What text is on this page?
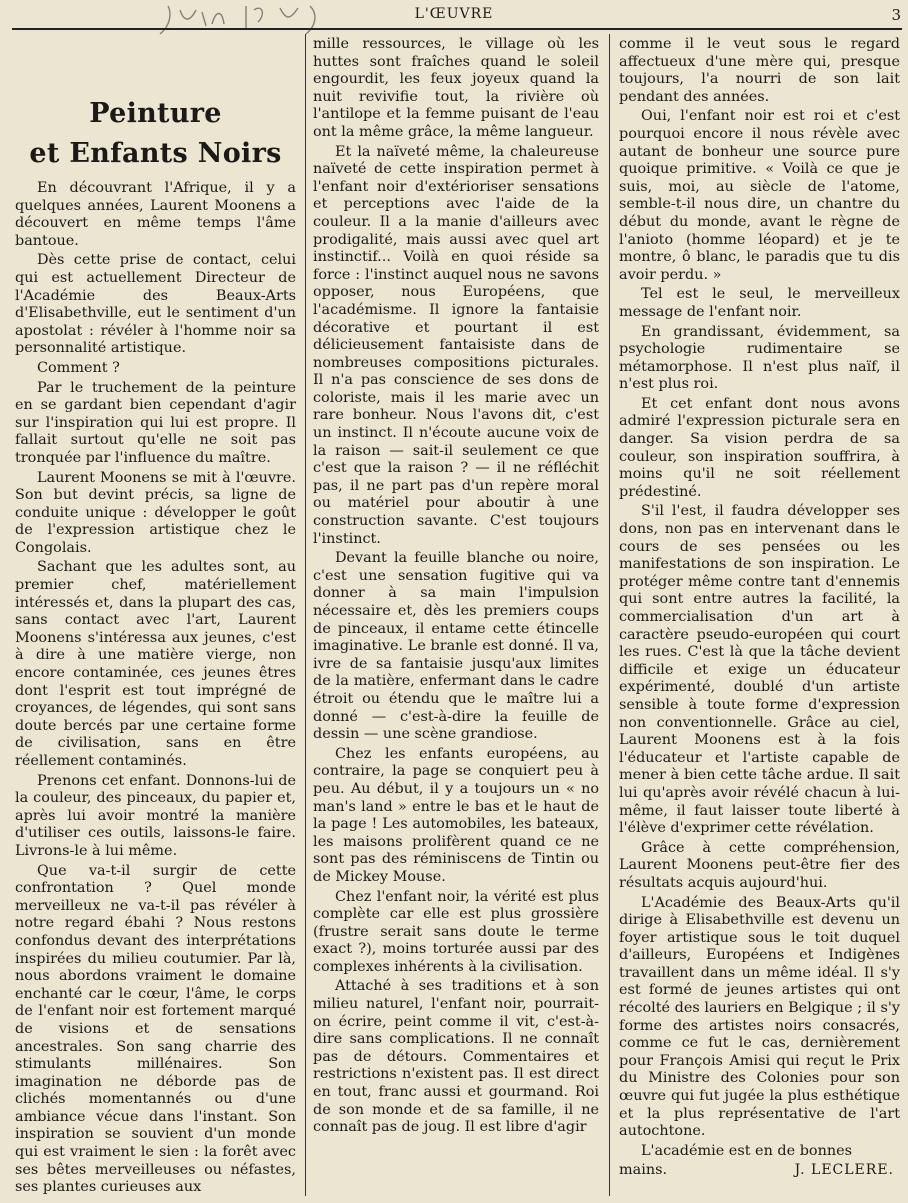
L'ŒUVRE	3
Peinture
et Enfants Noirs

En découvrant l'Afrique, il y a quelques années, Laurent Moonens a découvert en même temps l'âme bantoue.

Dès cette prise de contact, celui qui est actuellement Directeur de l'Académie des Beaux-Arts d'Elisabethville, eut le sentiment d'un apostolat : révéler à l'homme noir sa personnalité artistique.

Comment ?

Par le truchement de la peinture en se gardant bien cependant d'agir sur l'inspiration qui lui est propre. Il fallait surtout qu'elle ne soit pas tronquée par l'influence du maître.

Laurent Moonens se mit à l'œuvre. Son but devint précis, sa ligne de conduite unique : développer le goût de l'expression artistique chez le Congolais.

Sachant que les adultes sont, au premier chef, matériellement intéressés et, dans la plupart des cas, sans contact avec l'art, Laurent Moonens s'intéressa aux jeunes, c'est à dire à une matière vierge, non encore contaminée, ces jeunes êtres dont l'esprit est tout imprégné de croyances, de légendes, qui sont sans doute bercés par une certaine forme de civilisation, sans en être réellement contaminés.

Prenons cet enfant. Donnons-lui de la couleur, des pinceaux, du papier et, après lui avoir montré la manière d'utiliser ces outils, laissons-le faire. Livrons-le à lui même.

Que va-t-il surgir de cette confrontation ? Quel monde merveilleux ne va-t-il pas révéler à notre regard ébahi ? Nous restons confondus devant des interprétations inspirées du milieu coutumier. Par là, nous abordons vraiment le domaine enchanté car le cœur, l'âme, le corps de l'enfant noir est fortement marqué de visions et de sensations ancestrales. Son sang charrie des stimulants millénaires. Son imagination ne déborde pas de clichés momentannés ou d'une ambiance vécue dans l'instant. Son inspiration se souvient d'un monde qui est vraiment le sien : la forêt avec ses bêtes merveilleuses ou néfastes, ses plantes curieuses aux

mille ressources, le village où les huttes sont fraîches quand le soleil engourdit, les feux joyeux quand la nuit revivifie tout, la rivière où l'antilope et la femme puisant de l'eau ont la même grâce, la même langueur.

Et la naïveté même, la chaleureuse naïveté de cette inspiration permet à l'enfant noir d'extérioriser sensations et perceptions avec l'aide de la couleur. Il a la manie d'ailleurs avec prodigalité, mais aussi avec quel art instinctif... Voilà en quoi réside sa force : l'instinct auquel nous ne savons opposer, nous Européens, que l'académisme. Il ignore la fantaisie décorative et pourtant il est délicieusement fantaisiste dans de nombreuses compositions picturales. Il n'a pas conscience de ses dons de coloriste, mais il les marie avec un rare bonheur. Nous l'avons dit, c'est un instinct. Il n'écoute aucune voix de la raison — sait-il seulement ce que c'est que la raison ? — il ne réfléchit pas, il ne part pas d'un repère moral ou matériel pour aboutir à une construction savante. C'est toujours l'instinct.

Devant la feuille blanche ou noire, c'est une sensation fugitive qui va donner à sa main l'impulsion nécessaire et, dès les premiers coups de pinceaux, il entame cette étincelle imaginative. Le branle est donné. Il va, ivre de sa fantaisie jusqu'aux limites de la matière, enfermant dans le cadre étroit ou étendu que le maître lui a donné — c'est-à-dire la feuille de dessin — une scène grandiose.

Chez les enfants européens, au contraire, la page se conquiert peu à peu. Au début, il y a toujours un « no man's land » entre le bas et le haut de la page ! Les automobiles, les bateaux, les maisons prolifèrent quand ce ne sont pas des réminiscens de Tintin ou de Mickey Mouse.

Chez l'enfant noir, la vérité est plus complète car elle est plus grossière (frustre serait sans doute le terme exact ?), moins torturée aussi par des complexes inhérents à la civilisation.

Attaché à ses traditions et à son milieu naturel, l'enfant noir, pourrait-on écrire, peint comme il vit, c'est-à-dire sans complications. Il ne connaît pas de détours. Commentaires et restrictions n'existent pas. Il est direct en tout, franc aussi et gourmand. Roi de son monde et de sa famille, il ne connaît pas de joug. Il est libre d'agir

comme il le veut sous le regard affectueux d'une mère qui, presque toujours, l'a nourri de son lait pendant des années.

Oui, l'enfant noir est roi et c'est pourquoi encore il nous révèle avec autant de bonheur une source pure quoique primitive. « Voilà ce que je suis, moi, au siècle de l'atome, semble-t-il nous dire, un chantre du début du monde, avant le règne de l'anioto (homme léopard) et je te montre, ô blanc, le paradis que tu dis avoir perdu. »

Tel est le seul, le merveilleux message de l'enfant noir.

En grandissant, évidemment, sa psychologie rudimentaire se métamorphose. Il n'est plus naïf, il n'est plus roi.

Et cet enfant dont nous avons admiré l'expression picturale sera en danger. Sa vision perdra de sa couleur, son inspiration souffrira, à moins qu'il ne soit réellement prédestiné.

S'il l'est, il faudra développer ses dons, non pas en intervenant dans le cours de ses pensées ou les manifestations de son inspiration. Le protéger même contre tant d'ennemis qui sont entre autres la facilité, la commercialisation d'un art à caractère pseudo-européen qui court les rues. C'est là que la tâche devient difficile et exige un éducateur expérimenté, doublé d'un artiste sensible à toute forme d'expression non conventionnelle. Grâce au ciel, Laurent Moonens est à la fois l'éducateur et l'artiste capable de mener à bien cette tâche ardue. Il sait lui qu'après avoir révélé chacun à lui-même, il faut laisser toute liberté à l'élève d'exprimer cette révélation.

Grâce à cette compréhension, Laurent Moonens peut-être fier des résultats acquis aujourd'hui.

L'Académie des Beaux-Arts qu'il dirige à Elisabethville est devenu un foyer artistique sous le toit duquel d'ailleurs, Européens et Indigènes travaillent dans un même idéal. Il s'y est formé de jeunes artistes qui ont récolté des lauriers en Belgique ; il s'y forme des artistes noirs consacrés, comme ce fut le cas, dernièrement pour François Amisi qui reçut le Prix du Ministre des Colonies pour son œuvre qui fut jugée la plus esthétique et la plus représentative de l'art autochtone.

L'académie est en de bonnes

mains.	J. LECLERE.
